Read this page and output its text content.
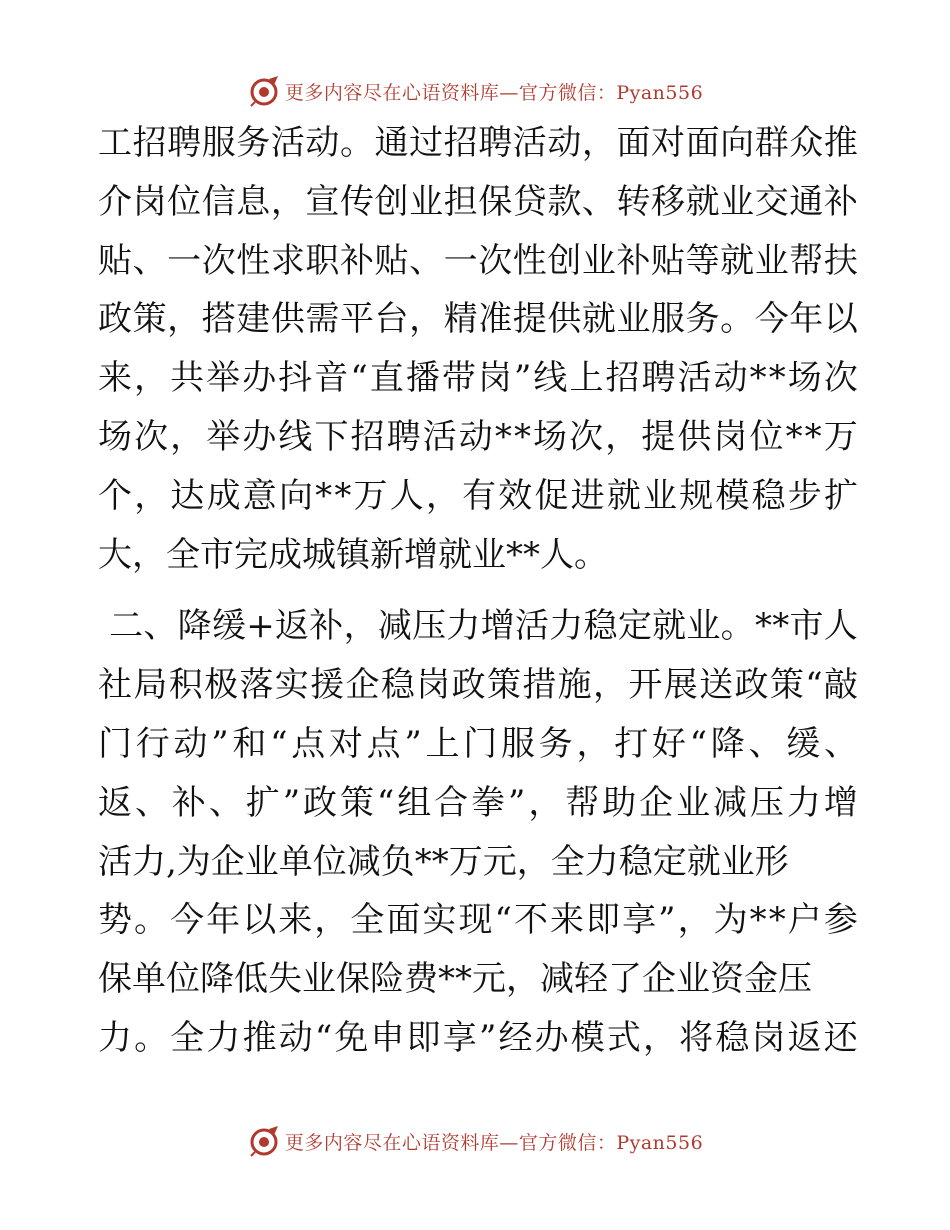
更多内容尽在心语资料库—官方微信：Pyan556
工 招 聘 服 务 活 动 。 通 过 招 聘 活 动 ， 面 对 面 向 群 众 推
介 岗 位 信 息 ， 宣 传 创 业 担 保 贷 款 、 转 移 就 业 交 通 补
贴 、 一 次 性 求 职 补 贴 、 一 次 性 创 业 补 贴 等 就 业 帮 扶
政 策 ， 搭 建 供 需 平 台 ， 精 准 提 供 就 业 服 务 。 今 年 以
来 ， 共 举 办 抖 音 “ 直 播 带 岗 ” 线 上 招 聘 活 动 * * 场 次
场 次 ， 举 办 线 下 招 聘 活 动 * * 场 次 ， 提 供 岗 位 * * 万
个 ， 达 成 意 向 * * 万 人 ， 有 效 促 进 就 业 规 模 稳 步 扩
大，全市完成城镇新增就业**人。

二 、 降 缓 + 返 补 ， 减 压 力 增 活 力 稳 定 就 业 。 * * 市 人
社 局 积 极 落 实 援 企 稳 岗 政 策 措 施 ， 开 展 送 政 策 “ 敲
门 行 动 ” 和 “ 点 对 点 ” 上 门 服 务 ， 打 好 “ 降 、 缓 、
返 、 补 、 扩 ” 政 策 “ 组 合 拳 ” ， 帮 助 企 业 减 压 力 增
活力,为企业单位减负**万元，全力稳定就业形
势 。 今 年 以 来 ， 全 面 实 现 “ 不 来 即 享 ” ， 为 * * 户 参
保单位降低失业保险费**元，减轻了企业资金压
力 。 全 力 推 动 “ 免 申 即 享 ” 经 办 模 式 ， 将 稳 岗 返 还
更多内容尽在心语资料库—官方微信：Pyan556
